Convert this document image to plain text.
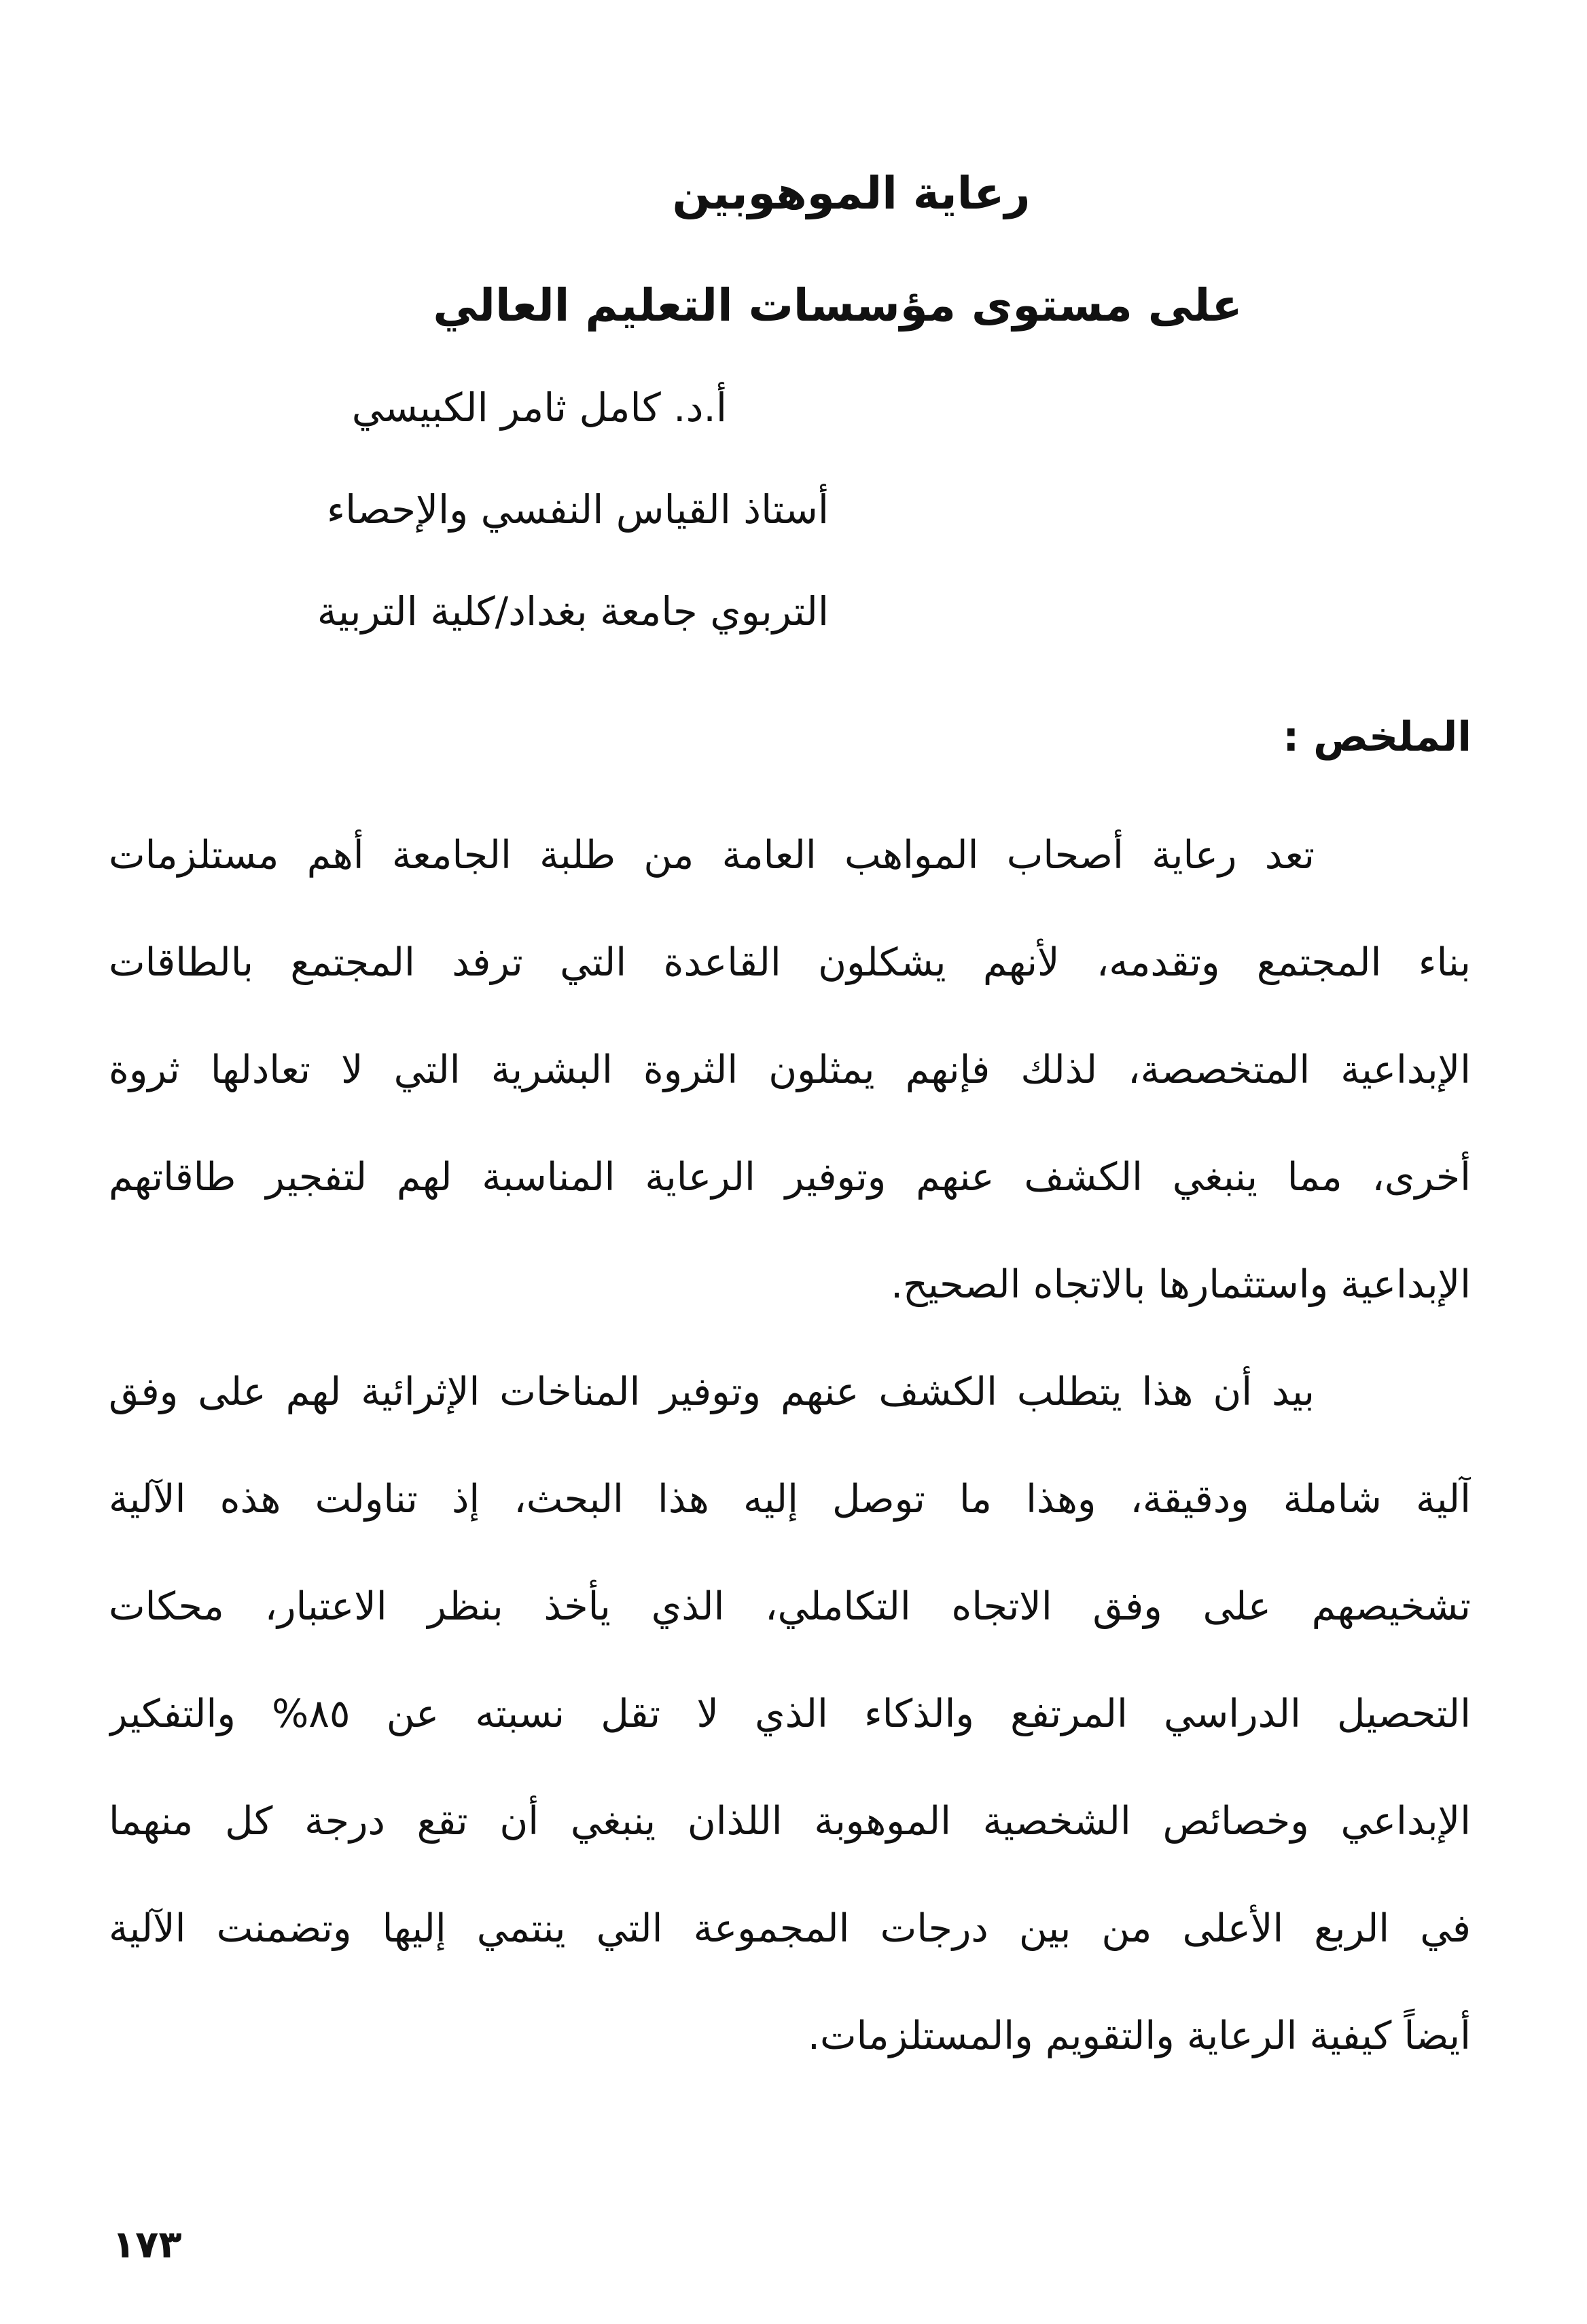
رعاية الموهوبين
على مستوى مؤسسات التعليم العالي
أ.د. كامل ثامر الكبيسي
أستاذ القياس النفسي والإحصاء
التربوي جامعة بغداد/كلية التربية
الملخص :
تعد رعاية أصحاب المواهب العامة من طلبة الجامعة أهم مستلزمات
بناء المجتمع وتقدمه، لأنهم يشكلون القاعدة التي ترفد المجتمع بالطاقات
الإبداعية المتخصصة، لذلك فإنهم يمثلون الثروة البشرية التي لا تعادلها ثروة
أخرى، مما ينبغي الكشف عنهم وتوفير الرعاية المناسبة لهم لتفجير طاقاتهم
الإبداعية واستثمارها بالاتجاه الصحيح.
بيد أن هذا يتطلب الكشف عنهم وتوفير المناخات الإثرائية لهم على وفق
آلية شاملة ودقيقة، وهذا ما توصل إليه هذا البحث، إذ تناولت هذه الآلية
تشخيصهم على وفق الاتجاه التكاملي، الذي يأخذ بنظر الاعتبار، محكات
التحصيل الدراسي المرتفع والذكاء الذي لا تقل نسبته عن ٨٥% والتفكير
الإبداعي وخصائص الشخصية الموهوبة اللذان ينبغي أن تقع درجة كل منهما
في الربع الأعلى من بين درجات المجموعة التي ينتمي إليها وتضمنت الآلية
أيضاً كيفية الرعاية والتقويم والمستلزمات.
١٧٣
